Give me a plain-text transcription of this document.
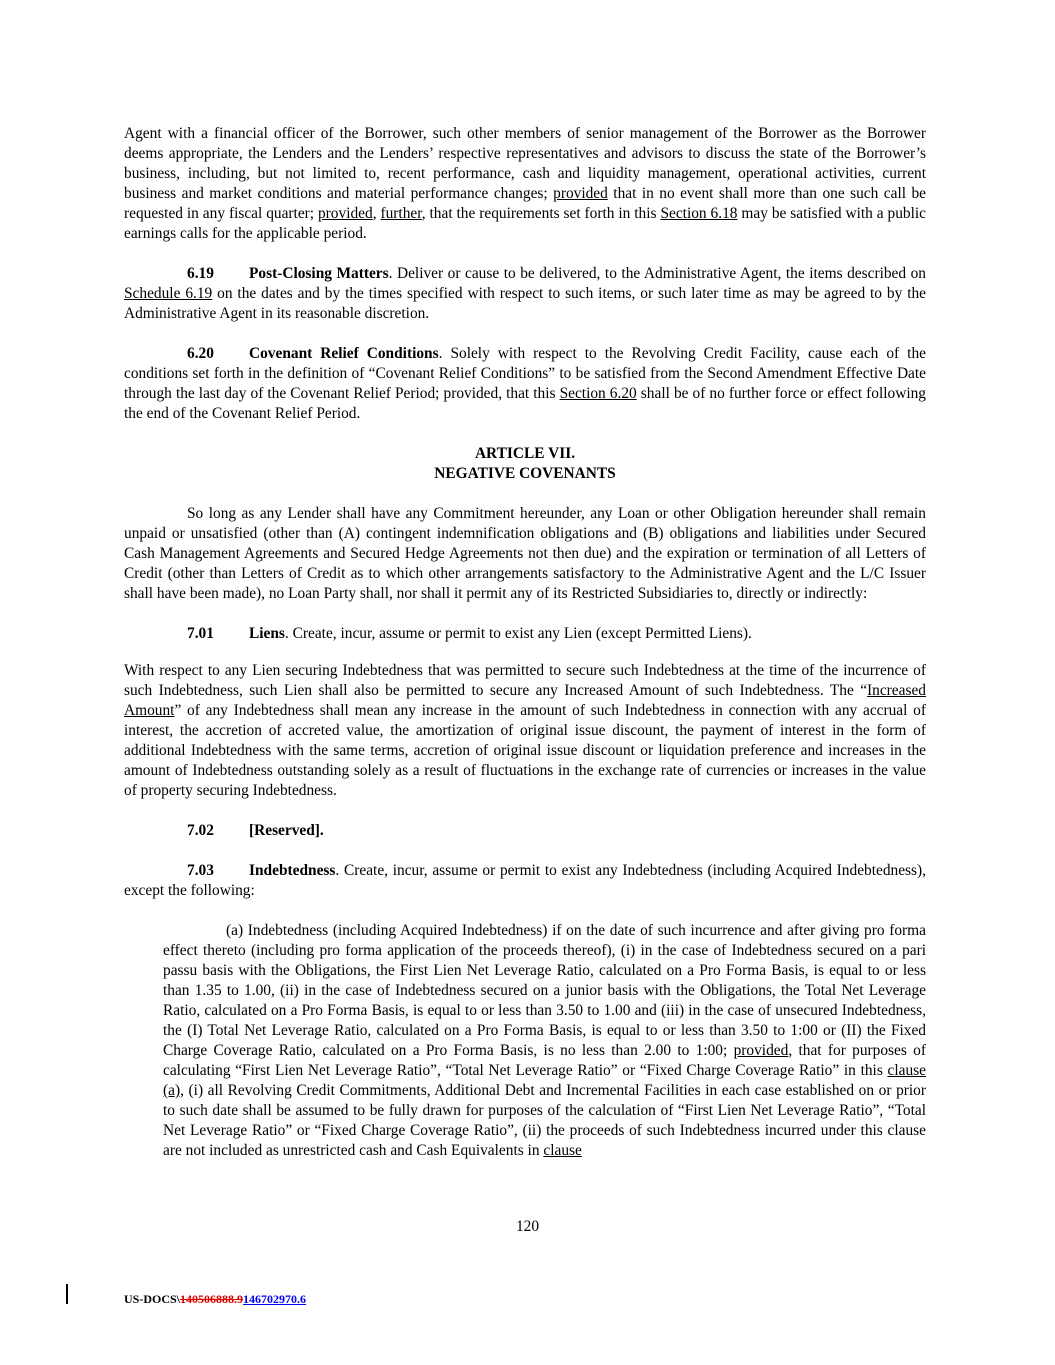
Agent with a financial officer of the Borrower, such other members of senior management of the Borrower as the Borrower deems appropriate, the Lenders and the Lenders’ respective representatives and advisors to discuss the state of the Borrower’s business, including, but not limited to, recent performance, cash and liquidity management, operational activities, current business and market conditions and material performance changes; provided that in no event shall more than one such call be requested in any fiscal quarter; provided, further, that the requirements set forth in this Section 6.18 may be satisfied with a public earnings calls for the applicable period.

6.19 Post-Closing Matters. Deliver or cause to be delivered, to the Administrative Agent, the items described on Schedule 6.19 on the dates and by the times specified with respect to such items, or such later time as may be agreed to by the Administrative Agent in its reasonable discretion.

6.20 Covenant Relief Conditions. Solely with respect to the Revolving Credit Facility, cause each of the conditions set forth in the definition of “Covenant Relief Conditions” to be satisfied from the Second Amendment Effective Date through the last day of the Covenant Relief Period; provided, that this Section 6.20 shall be of no further force or effect following the end of the Covenant Relief Period.

ARTICLE VII.

NEGATIVE COVENANTS

So long as any Lender shall have any Commitment hereunder, any Loan or other Obligation hereunder shall remain unpaid or unsatisfied (other than (A) contingent indemnification obligations and (B) obligations and liabilities under Secured Cash Management Agreements and Secured Hedge Agreements not then due) and the expiration or termination of all Letters of Credit (other than Letters of Credit as to which other arrangements satisfactory to the Administrative Agent and the L/C Issuer shall have been made), no Loan Party shall, nor shall it permit any of its Restricted Subsidiaries to, directly or indirectly:

7.01 Liens. Create, incur, assume or permit to exist any Lien (except Permitted Liens).

With respect to any Lien securing Indebtedness that was permitted to secure such Indebtedness at the time of the incurrence of such Indebtedness, such Lien shall also be permitted to secure any Increased Amount of such Indebtedness. The “Increased Amount” of any Indebtedness shall mean any increase in the amount of such Indebtedness in connection with any accrual of interest, the accretion of accreted value, the amortization of original issue discount, the payment of interest in the form of additional Indebtedness with the same terms, accretion of original issue discount or liquidation preference and increases in the amount of Indebtedness outstanding solely as a result of fluctuations in the exchange rate of currencies or increases in the value of property securing Indebtedness.

7.02 [Reserved].

7.03 Indebtedness. Create, incur, assume or permit to exist any Indebtedness (including Acquired Indebtedness), except the following:

(a) Indebtedness (including Acquired Indebtedness) if on the date of such incurrence and after giving pro forma effect thereto (including pro forma application of the proceeds thereof), (i) in the case of Indebtedness secured on a pari passu basis with the Obligations, the First Lien Net Leverage Ratio, calculated on a Pro Forma Basis, is equal to or less than 1.35 to 1.00, (ii) in the case of Indebtedness secured on a junior basis with the Obligations, the Total Net Leverage Ratio, calculated on a Pro Forma Basis, is equal to or less than 3.50 to 1.00 and (iii) in the case of unsecured Indebtedness, the (I) Total Net Leverage Ratio, calculated on a Pro Forma Basis, is equal to or less than 3.50 to 1:00 or (II) the Fixed Charge Coverage Ratio, calculated on a Pro Forma Basis, is no less than 2.00 to 1:00; provided, that for purposes of calculating “First Lien Net Leverage Ratio”, “Total Net Leverage Ratio” or “Fixed Charge Coverage Ratio” in this clause (a), (i) all Revolving Credit Commitments, Additional Debt and Incremental Facilities in each case established on or prior to such date shall be assumed to be fully drawn for purposes of the calculation of “First Lien Net Leverage Ratio”, “Total Net Leverage Ratio” or “Fixed Charge Coverage Ratio”, (ii) the proceeds of such Indebtedness incurred under this clause are not included as unrestricted cash and Cash Equivalents in clause

120
US-DOCS\140506888.9146702970.6
